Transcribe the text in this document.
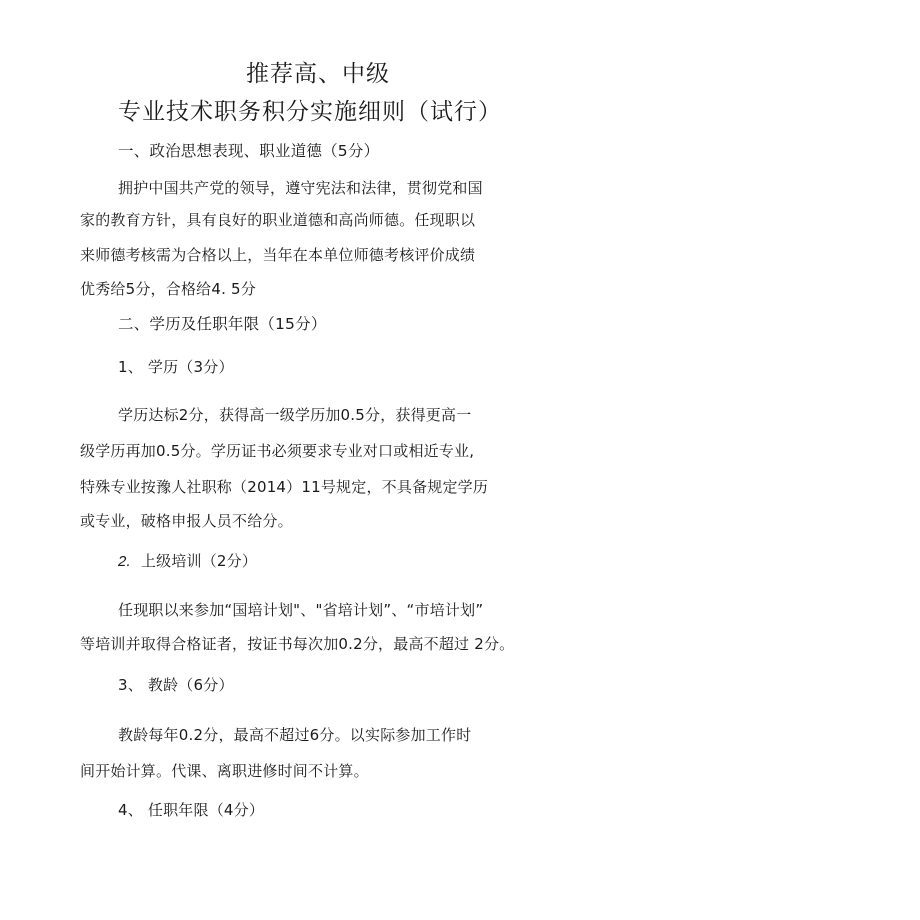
推荐高、中级
专业技术职务积分实施细则（试行）
一、政治思想表现、职业道德（5分）
拥护中国共产党的领导，遵守宪法和法律，贯彻党和国
家的教育方针，具有良好的职业道德和高尚师德。任现职以
来师德考核需为合格以上，当年在本单位师德考核评价成绩
优秀给5分，合格给4. 5分
二、学历及任职年限（15分）
1、 学历（3分）
学历达标2分，获得高一级学历加0.5分，获得更高一
级学历再加0.5分。学历证书必须要求专业对口或相近专业,
特殊专业按豫人社职称（2014）11号规定，不具备规定学历
或专业，破格申报人员不给分。
2. 上级培训（2分）
任现职以来参加“国培计划"、"省培计划”、“市培计划”
等培训并取得合格证者，按证书每次加0.2分，最高不超过 2分。
3、 教龄（6分）
教龄每年0.2分，最高不超过6分。以实际参加工作时
间开始计算。代课、离职进修时间不计算。
4、 任职年限（4分）
